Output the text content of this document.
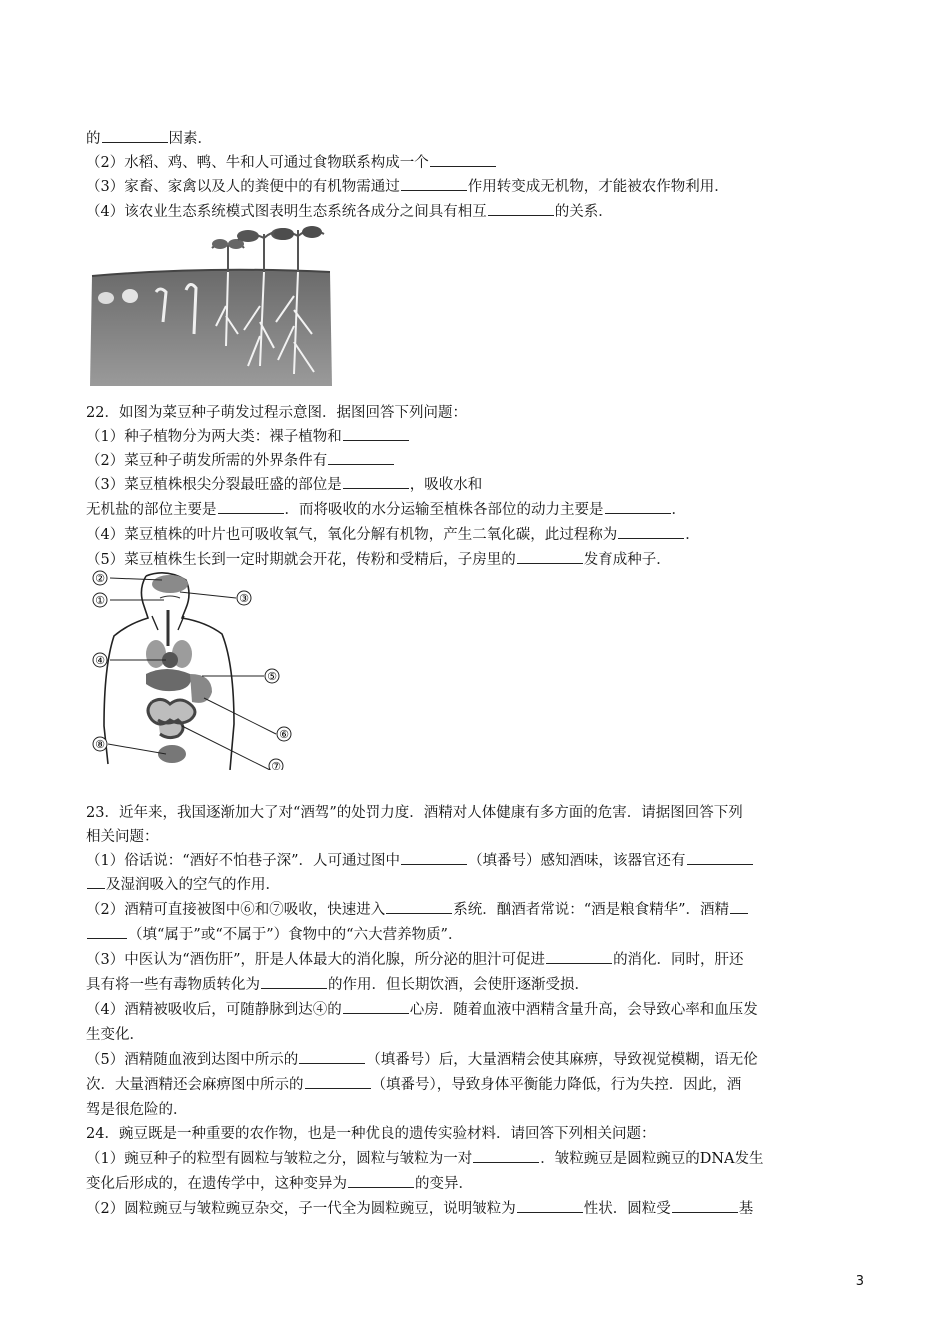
的	因素．
（2）水稻、鸡、鸭、牛和人可通过食物联系构成一个
（3）家畜、家禽以及人的粪便中的有机物需通过	作用转变成无机物，才能被农作物利用．
（4）该农业生态系统模式图表明生态系统各成分之间具有相互	的关系．
22．如图为菜豆种子萌发过程示意图．据图回答下列问题：
（1）种子植物分为两大类：裸子植物和
（2）菜豆种子萌发所需的外界条件有
（3）菜豆植株根尖分裂最旺盛的部位是	，吸收水和
无机盐的部位主要是	．而将吸收的水分运输至植株各部位的动力主要是	．
（4）菜豆植株的叶片也可吸收氧气，氧化分解有机物，产生二氧化碳，此过程称为	．
（5）菜豆植株生长到一定时期就会开花，传粉和受精后，子房里的	发育成种子．
②
①	③
④
⑤
⑥
⑧
⑦
23．近年来，我国逐渐加大了对“酒驾”的处罚力度．酒精对人体健康有多方面的危害．请据图回答下列
相关问题：
（1）俗话说：“酒好不怕巷子深”．人可通过图中	（填番号）感知酒味，该器官还有
及湿润吸入的空气的作用．
（2）酒精可直接被图中⑥和⑦吸收，快速进入	系统．酗酒者常说：“酒是粮食精华”．酒精
（填“属于”或“不属于”）食物中的“六大营养物质”．
（3）中医认为“酒伤肝”，肝是人体最大的消化腺，所分泌的胆汁可促进	的消化．同时，肝还
具有将一些有毒物质转化为	的作用．但长期饮酒，会使肝逐渐受损．
（4）酒精被吸收后，可随静脉到达④的	心房．随着血液中酒精含量升高，会导致心率和血压发
生变化．
（5）酒精随血液到达图中所示的	（填番号）后，大量酒精会使其麻痹，导致视觉模糊，语无伦
次．大量酒精还会麻痹图中所示的	（填番号），导致身体平衡能力降低，行为失控．因此，酒
驾是很危险的．
24．豌豆既是一种重要的农作物，也是一种优良的遗传实验材料．请回答下列相关问题：
（1）豌豆种子的粒型有圆粒与皱粒之分，圆粒与皱粒为一对	．皱粒豌豆是圆粒豌豆的DNA发生
变化后形成的，在遗传学中，这种变异为	的变异．
（2）圆粒豌豆与皱粒豌豆杂交，子一代全为圆粒豌豆，说明皱粒为	性状．圆粒受	基
3
